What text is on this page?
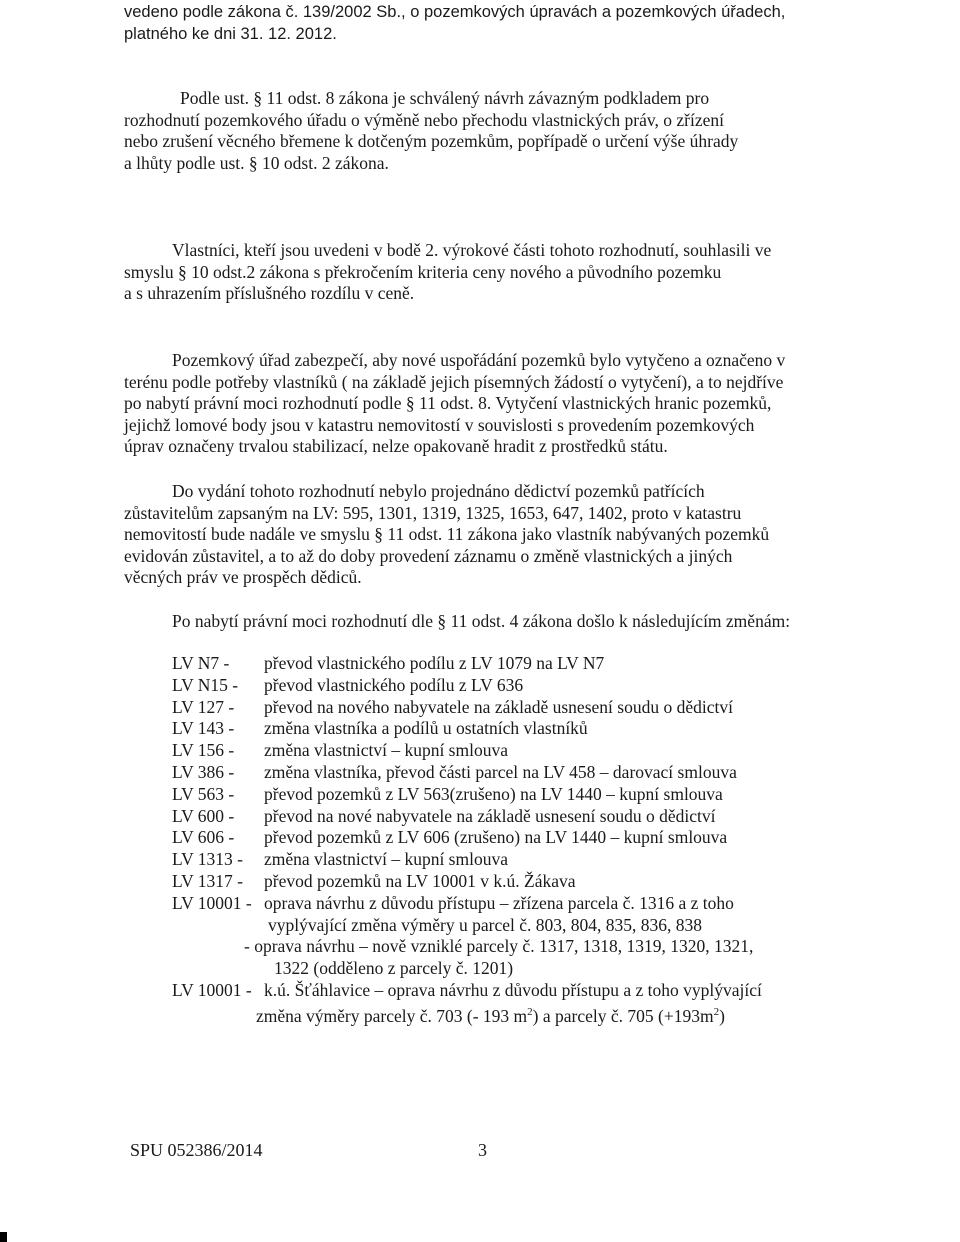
vedeno podle zákona č. 139/2002 Sb., o pozemkových úpravách a pozemkových úřadech,
platného ke dni 31. 12. 2012.
Podle ust. § 11 odst. 8 zákona je schválený návrh závazným podkladem pro
rozhodnutí pozemkového úřadu o výměně nebo přechodu vlastnických práv, o zřízení
nebo zrušení věcného břemene k dotčeným pozemkům, popřípadě o určení výše úhrady
a lhůty podle ust. § 10 odst. 2 zákona.
Vlastníci, kteří jsou uvedeni v bodě 2. výrokové části tohoto rozhodnutí, souhlasili ve
smyslu § 10 odst.2 zákona s překročením kriteria ceny nového a původního pozemku
a s uhrazením příslušného rozdílu v ceně.
Pozemkový úřad zabezpečí, aby nové uspořádání pozemků bylo vytyčeno a označeno v
terénu podle potřeby vlastníků ( na základě jejich písemných žádostí o vytyčení), a to nejdříve
po nabytí právní moci rozhodnutí podle § 11 odst. 8. Vytyčení vlastnických hranic pozemků,
jejichž lomové body jsou v katastru nemovitostí v souvislosti s provedením pozemkových
úprav označeny trvalou stabilizací, nelze opakovaně hradit z prostředků státu.
Do vydání tohoto rozhodnutí nebylo projednáno dědictví pozemků patřících
zůstavitelům zapsaným na LV: 595, 1301, 1319, 1325, 1653, 647, 1402, proto v katastru
nemovitostí bude nadále ve smyslu § 11 odst. 11 zákona jako vlastník nabývaných pozemků
evidován zůstavitel, a to až do doby provedení záznamu o změně vlastnických a jiných
věcných práv ve prospěch dědiců.
Po nabytí právní moci rozhodnutí dle § 11 odst. 4 zákona došlo k následujícím změnám:
LV N7 -	převod vlastnického podílu z LV 1079 na LV N7
LV N15 -	převod vlastnického podílu z LV 636
LV 127 -	převod na nového nabyvatele na základě usnesení soudu o dědictví
LV 143 -	změna vlastníka a podílů u ostatních vlastníků
LV 156 -	změna vlastnictví – kupní smlouva
LV 386 -	změna vlastníka, převod části parcel na LV 458 – darovací smlouva
LV 563 -	převod pozemků z LV 563(zrušeno) na LV 1440 – kupní smlouva
LV 600 -	převod na nové nabyvatele na základě usnesení soudu o dědictví
LV 606 -	převod pozemků z LV 606 (zrušeno) na LV 1440 – kupní smlouva
LV 1313 -	změna vlastnictví – kupní smlouva
LV 1317 -	převod pozemků na LV 10001 v k.ú. Žákava
LV 10001 - oprava návrhu z důvodu přístupu – zřízena parcela č. 1316 a z toho
vyplývající změna výměry u parcel č. 803, 804, 835, 836, 838
- oprava návrhu – nově vzniklé parcely č. 1317, 1318, 1319, 1320, 1321,
1322 (odděleno z parcely č. 1201)
LV 10001 - k.ú. Šťáhlavice – oprava návrhu z důvodu přístupu a z toho vyplývající
změna výměry parcely č. 703 (- 193 $m^2$) a parcely č. 705 $(+193m^2)$
SPU 052386/2014	3
